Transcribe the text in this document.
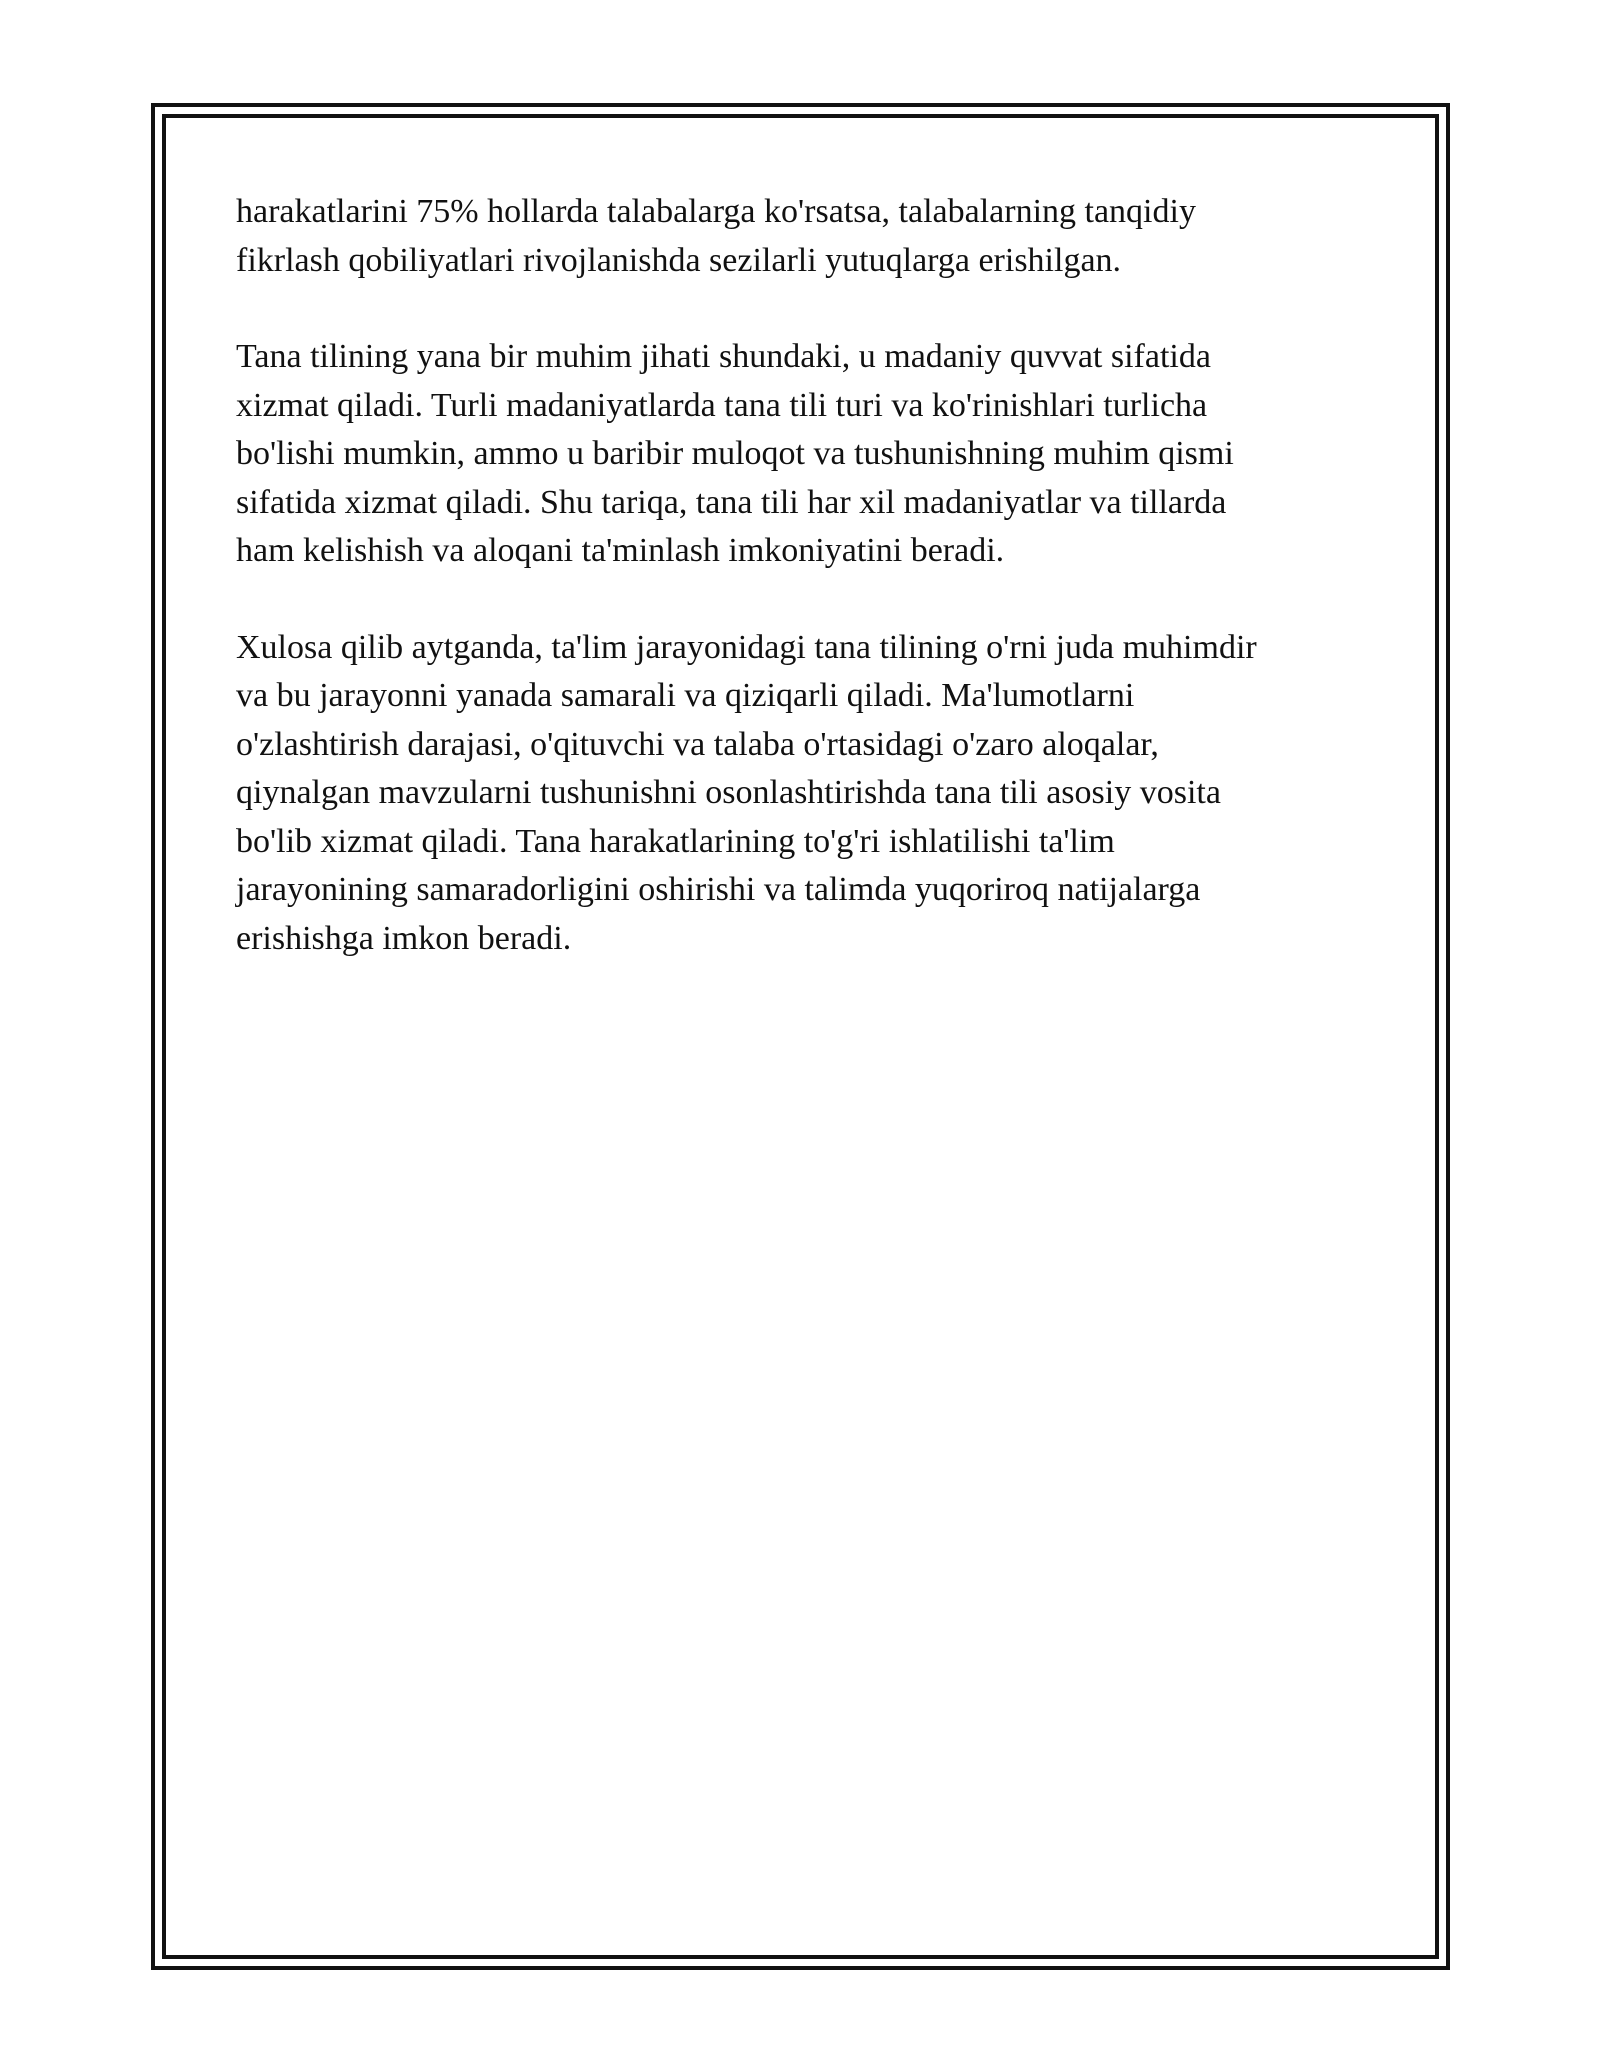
harakatlarini 75% hollarda talabalarga ko'rsatsa, talabalarning tanqidiy
fikrlash qobiliyatlari rivojlanishda sezilarli yutuqlarga erishilgan.

Tana tilining yana bir muhim jihati shundaki, u madaniy quvvat sifatida
xizmat qiladi. Turli madaniyatlarda tana tili turi va ko'rinishlari turlicha
bo'lishi mumkin, ammo u baribir muloqot va tushunishning muhim qismi
sifatida xizmat qiladi. Shu tariqa, tana tili har xil madaniyatlar va tillarda
ham kelishish va aloqani ta'minlash imkoniyatini beradi.

Xulosa qilib aytganda, ta'lim jarayonidagi tana tilining o'rni juda muhimdir
va bu jarayonni yanada samarali va qiziqarli qiladi. Ma'lumotlarni
o'zlashtirish darajasi, o'qituvchi va talaba o'rtasidagi o'zaro aloqalar,
qiynalgan mavzularni tushunishni osonlashtirishda tana tili asosiy vosita
bo'lib xizmat qiladi. Tana harakatlarining to'g'ri ishlatilishi ta'lim
jarayonining samaradorligini oshirishi va talimda yuqoriroq natijalarga
erishishga imkon beradi.
